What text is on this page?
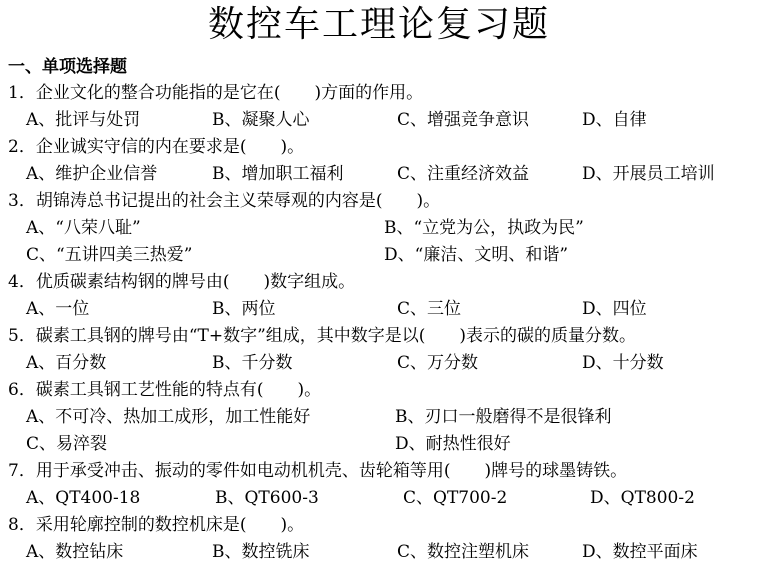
数控车工理论复习题
一、单项选择题
1．企业文化的整合功能指的是它在(　　)方面的作用。
A、批评与处罚	B、凝聚人心	C、增强竞争意识	D、自律
2．企业诚实守信的内在要求是(　　)。
A、维护企业信誉	B、增加职工福利	C、注重经济效益	D、开展员工培训
3．胡锦涛总书记提出的社会主义荣辱观的内容是(　　)。
A、“八荣八耻”	B、“立党为公，执政为民”
C、“五讲四美三热爱”	D、“廉洁、文明、和谐”
4．优质碳素结构钢的牌号由(　　)数字组成。
A、一位	B、两位	C、三位	D、四位
5．碳素工具钢的牌号由“T+数字”组成，其中数字是以(　　)表示的碳的质量分数。
A、百分数	B、千分数	C、万分数	D、十分数
6．碳素工具钢工艺性能的特点有(　　)。
A、不可冷、热加工成形，加工性能好	B、刃口一般磨得不是很锋利
C、易淬裂	D、耐热性很好
7．用于承受冲击、振动的零件如电动机机壳、齿轮箱等用(　　)牌号的球墨铸铁。
A、QT400-18	B、QT600-3	C、QT700-2	D、QT800-2
8．采用轮廓控制的数控机床是(　　)。
A、数控钻床	B、数控铣床	C、数控注塑机床	D、数控平面床
